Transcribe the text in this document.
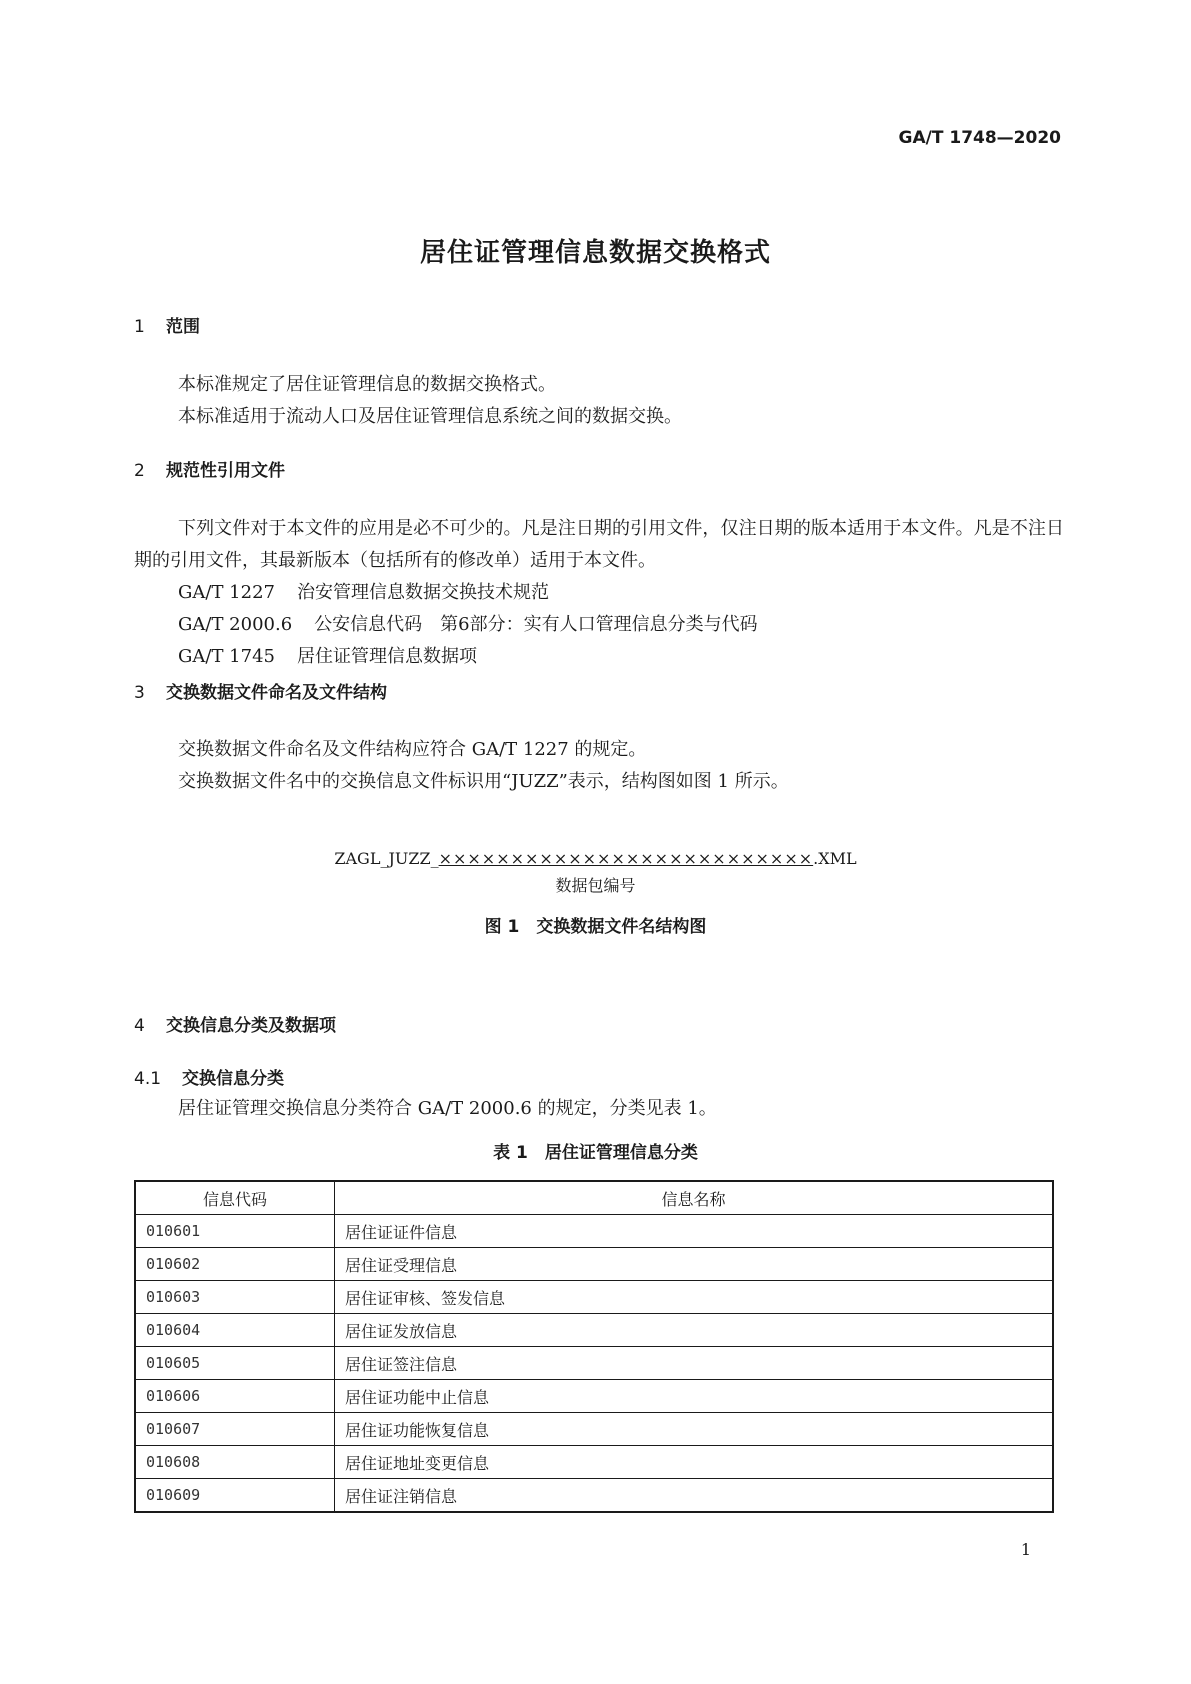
GA/T 1748—2020
居住证管理信息数据交换格式
1 范围
本标准规定了居住证管理信息的数据交换格式。
本标准适用于流动人口及居住证管理信息系统之间的数据交换。
2 规范性引用文件
下列文件对于本文件的应用是必不可少的。凡是注日期的引用文件，仅注日期的版本适用于本文件。凡是不注日期的引用文件，其最新版本（包括所有的修改单）适用于本文件。
GA/T 1227 治安管理信息数据交换技术规范
GA/T 2000.6 公安信息代码　第6部分：实有人口管理信息分类与代码
GA/T 1745 居住证管理信息数据项
3 交换数据文件命名及文件结构
交换数据文件命名及文件结构应符合 GA/T 1227 的规定。
交换数据文件名中的交换信息文件标识用“JUZZ”表示，结构图如图 1 所示。
ZAGL_JUZZ_××××××××××××××××××××××××××.XML
数据包编号
图 1　交换数据文件名结构图
4 交换信息分类及数据项
4.1 交换信息分类
居住证管理交换信息分类符合 GA/T 2000.6 的规定，分类见表 1。
表 1　居住证管理信息分类
信息代码	信息名称
010601	居住证证件信息
010602	居住证受理信息
010603	居住证审核、签发信息
010604	居住证发放信息
010605	居住证签注信息
010606	居住证功能中止信息
010607	居住证功能恢复信息
010608	居住证地址变更信息
010609	居住证注销信息
1
